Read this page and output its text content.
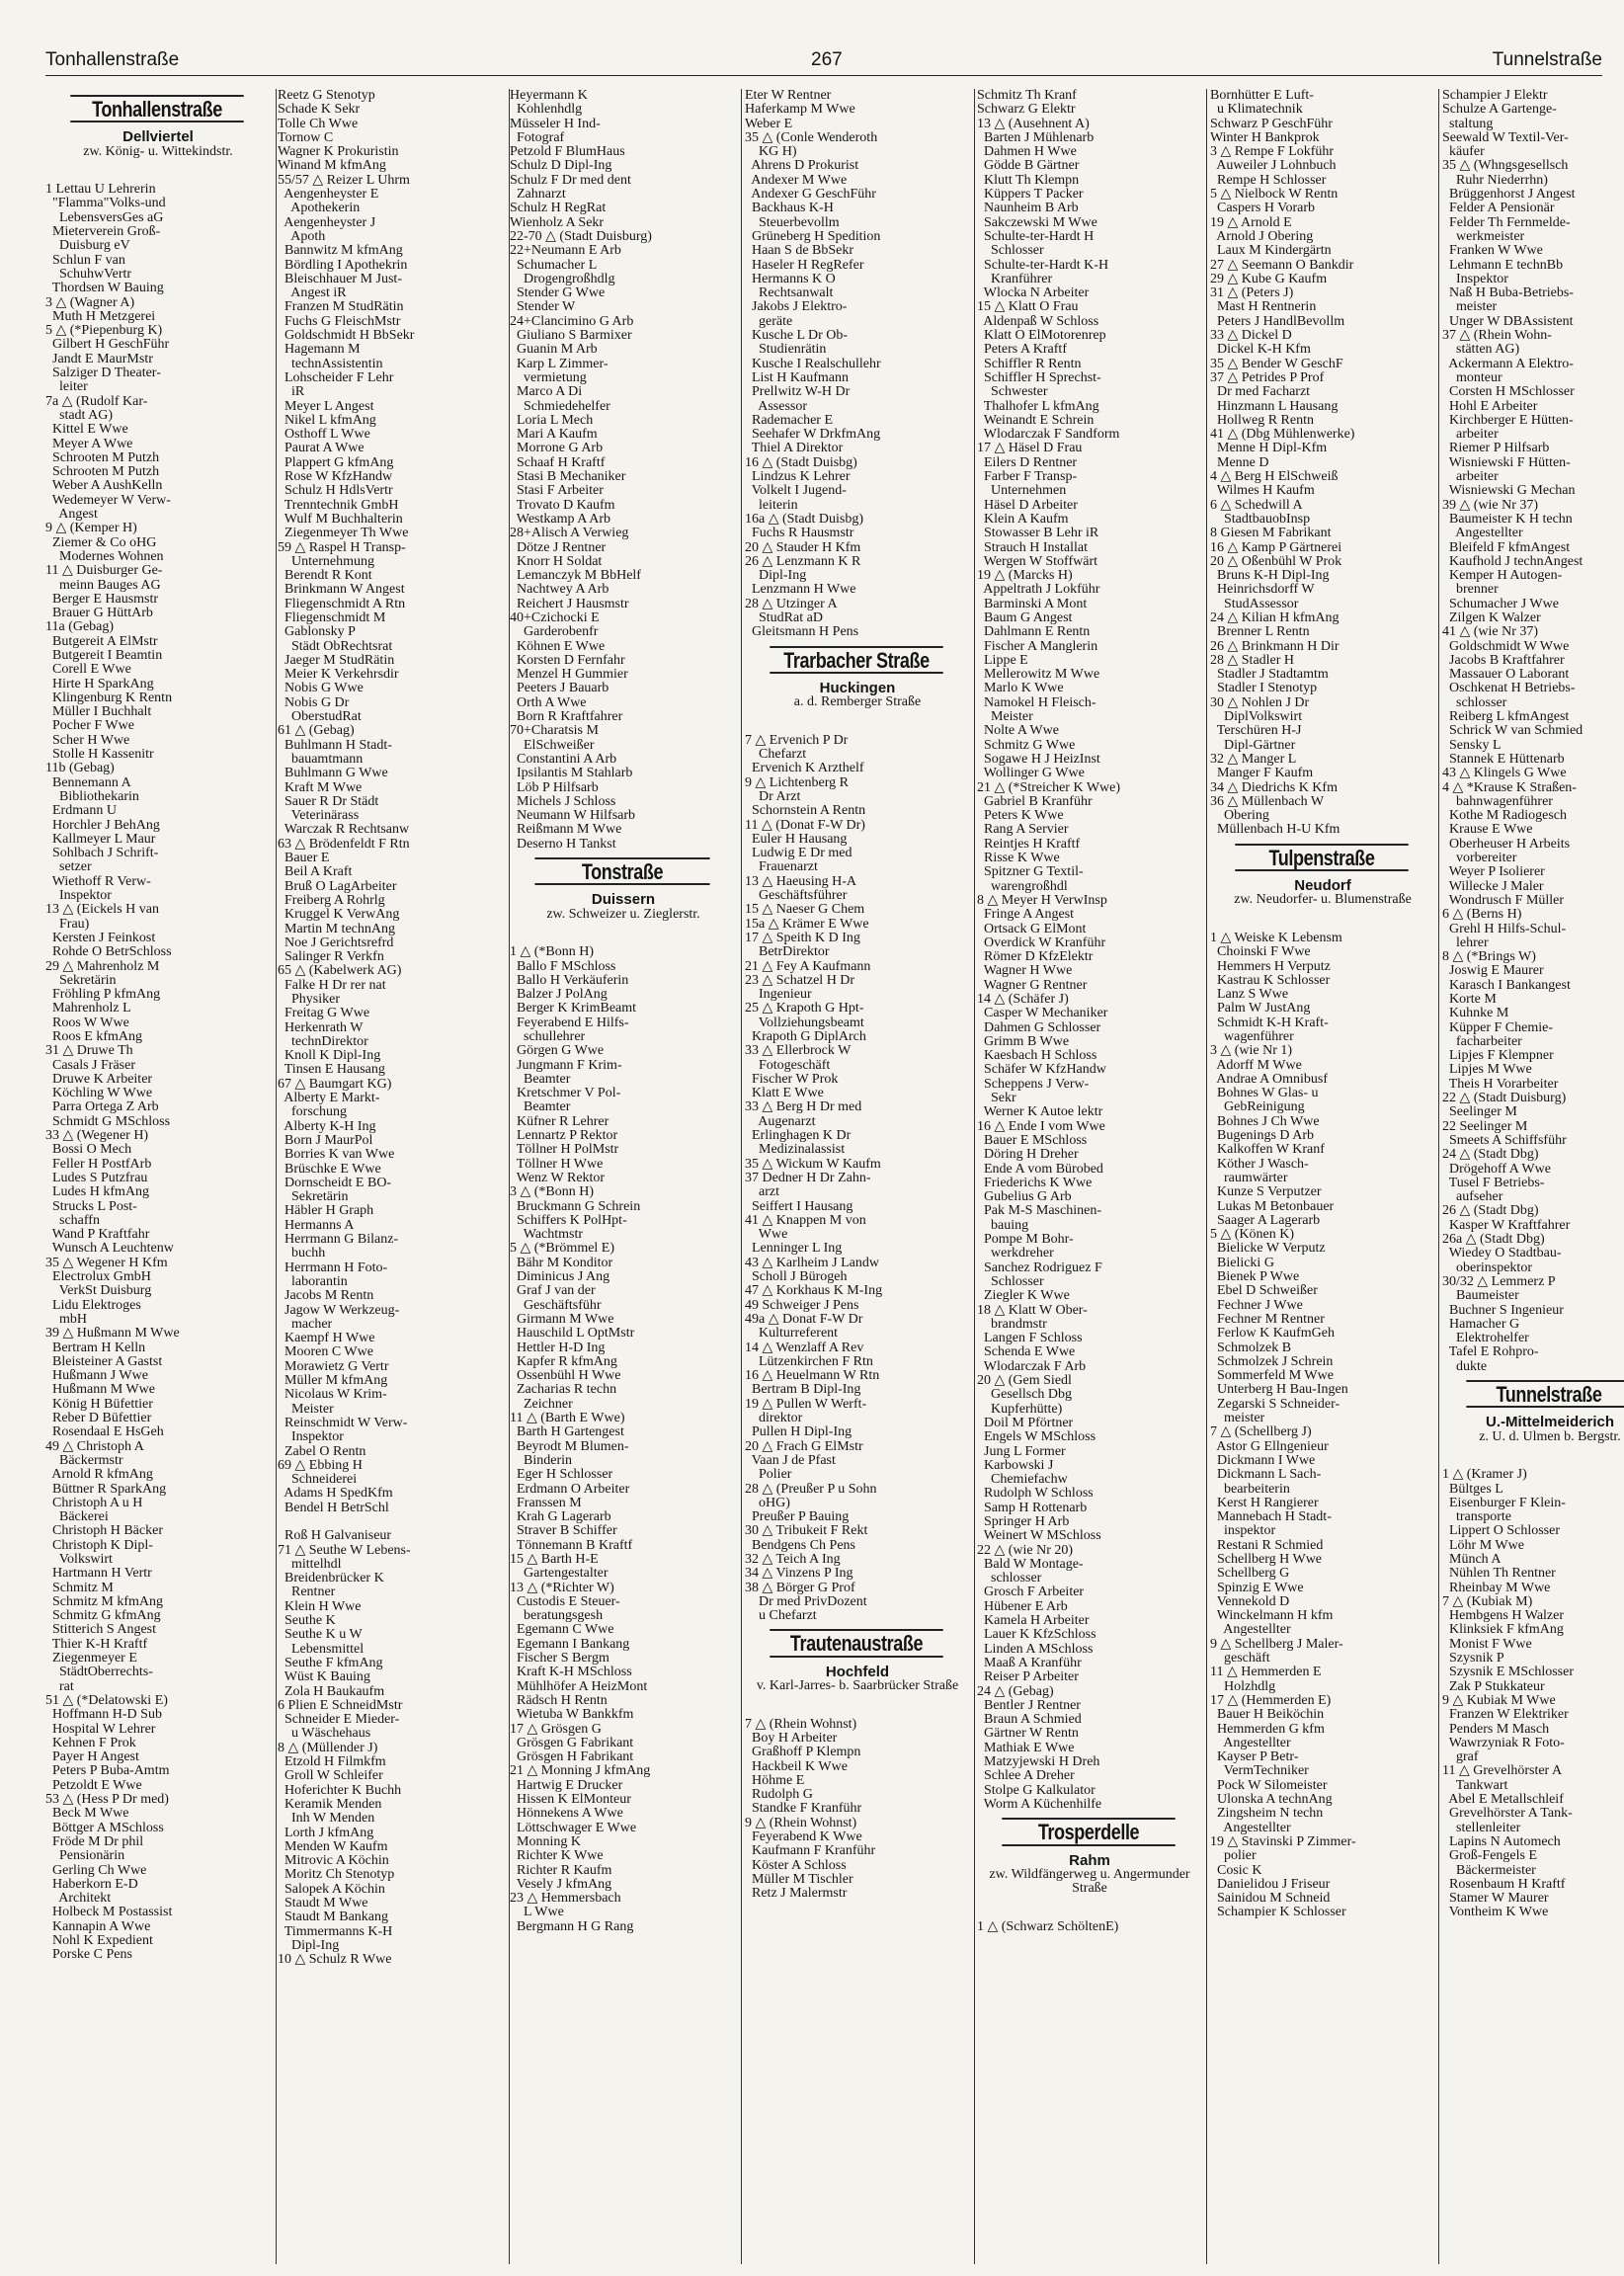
Tonhallenstraße	267	Tunnelstraße
Tonhallenstraße
Dellviertel
zw. König- u. Wittekindstr.

1 Lettau U Lehrerin
"Flamma"Volks-und
LebensversGes aG
Mieterverein Groß-
Duisburg eV
Schlun F van
SchuhwVertr
Thordsen W Bauing
3 △ (Wagner A)
Muth H Metzgerei
5 △ (*Piepenburg K)
Gilbert H GeschFühr
Jandt E MaurMstr
Salziger D Theater-
leiter
7a △ (Rudolf Kar-
stadt AG)
Kittel E Wwe
Meyer A Wwe
Schrooten M Putzh
Schrooten M Putzh
Weber A AushKelln
Wedemeyer W Verw-
Angest
9 △ (Kemper H)
Ziemer & Co oHG
Modernes Wohnen
11 △ Duisburger Ge-
meinn Bauges AG
Berger E Hausmstr
Brauer G HüttArb
11a (Gebag)
Butgereit A ElMstr
Butgereit I Beamtin
Corell E Wwe
Hirte H SparkAng
Klingenburg K Rentn
Müller I Buchhalt
Pocher F Wwe
Scher H Wwe
Stolle H Kassenitr
11b (Gebag)
Bennemann A
Bibliothekarin
Erdmann U
Horchler J BehAng
Kallmeyer L Maur
Sohlbach J Schrift-
setzer
Wiethoff R Verw-
Inspektor
13 △ (Eickels H van
Frau)
Kersten J Feinkost
Rohde O BetrSchloss
29 △ Mahrenholz M
Sekretärin
Fröhling P kfmAng
Mahrenholz L
Roos W Wwe
Roos E kfmAng
31 △ Druwe Th
Casals J Fräser
Druwe K Arbeiter
Köchling W Wwe
Parra Ortega Z Arb
Schmidt G MSchloss
33 △ (Wegener H)
Bossi O Mech
Feller H PostfArb
Ludes S Putzfrau
Ludes H kfmAng
Strucks L Post-
schaffn
Wand P Kraftfahr
Wunsch A Leuchtenw
35 △ Wegener H Kfm
Electrolux GmbH
VerkSt Duisburg
Lidu Elektroges
mbH
39 △ Hußmann M Wwe
Bertram H Kelln
Bleisteiner A Gastst
Hußmann J Wwe
Hußmann M Wwe
König H Büfettier
Reber D Büfettier
Rosendaal E HsGeh
49 △ Christoph A
Bäckermstr
Arnold R kfmAng
Büttner R SparkAng
Christoph A u H
Bäckerei
Christoph H Bäcker
Christoph K Dipl-
Volkswirt
Hartmann H Vertr
Schmitz M
Schmitz M kfmAng
Schmitz G kfmAng
Stitterich S Angest
Thier K-H Kraftf
Ziegenmeyer E
StädtOberrechts-
rat
51 △ (*Delatowski E)
Hoffmann H-D Sub
Hospital W Lehrer
Kehnen F Prok
Payer H Angest
Peters P Buba-Amtm
Petzoldt E Wwe
53 △ (Hess P Dr med)
Beck M Wwe
Böttger A MSchloss
Fröde M Dr phil
Pensionärin
Gerling Ch Wwe
Haberkorn E-D
Architekt
Holbeck M Postassist
Kannapin A Wwe
Nohl K Expedient
Porske C Pens
Reetz G Stenotyp
Schade K Sekr
Tolle Ch Wwe
Tornow C
Wagner K Prokuristin
Winand M kfmAng
55/57 △ Reizer L Uhrm
Aengenheyster E
Apothekerin
Aengenheyster J
Apoth
Bannwitz M kfmAng
Bördling I Apothekrin
Bleischhauer M Just-
Angest iR
Franzen M StudRätin
Fuchs G FleischMstr
Goldschmidt H BbSekr
Hagemann M
technAssistentin
Lohscheider F Lehr
iR
Meyer L Angest
Nikel L kfmAng
Osthoff L Wwe
Paurat A Wwe
Plappert G kfmAng
Rose W KfzHandw
Schulz H HdlsVertr
Trenntechnik GmbH
Wulf M Buchhalterin
Ziegenmeyer Th Wwe
59 △ Raspel H Transp-
Unternehmung
Berendt R Kont
Brinkmann W Angest
Fliegenschmidt A Rtn
Fliegenschmidt M
Gablonsky P
Städt ObRechtsrat
Jaeger M StudRätin
Meier K Verkehrsdir
Nobis G Wwe
Nobis G Dr
OberstudRat
61 △ (Gebag)
Buhlmann H Stadt-
bauamtmann
Buhlmann G Wwe
Kraft M Wwe
Sauer R Dr Städt
Veterinärass
Warczak R Rechtsanw
63 △ Brödenfeldt F Rtn
Bauer E
Beil A Kraft
Bruß O LagArbeiter
Freiberg A Rohrlg
Kruggel K VerwAng
Martin M technAng
Noe J Gerichtsrefrd
Salinger R Verkfn
65 △ (Kabelwerk AG)
Falke H Dr rer nat
Physiker
Freitag G Wwe
Herkenrath W
technDirektor
Knoll K Dipl-Ing
Tinsen E Hausang
67 △ Baumgart KG)
Alberty E Markt-
forschung
Alberty K-H Ing
Born J MaurPol
Borries K van Wwe
Brüschke E Wwe
Dornscheidt E BO-
Sekretärin
Häbler H Graph
Hermanns A
Herrmann G Bilanz-
buchh
Herrmann H Foto-
laborantin
Jacobs M Rentn
Jagow W Werkzeug-
macher
Kaempf H Wwe
Mooren C Wwe
Morawietz G Vertr
Müller M kfmAng
Nicolaus W Krim-
Meister
Reinschmidt W Verw-
Inspektor
Zabel O Rentn
69 △ Ebbing H
Schneiderei
Adams H SpedKfm
Bendel H BetrSchl

Roß H Galvaniseur
71 △ Seuthe W Lebens-
mittelhdl
Breidenbrücker K
Rentner
Klein H Wwe
Seuthe K
Seuthe K u W
Lebensmittel
Seuthe F kfmAng
Wüst K Bauing
Zola H Baukaufm
6 Plien E SchneidMstr
Schneider E Mieder-
u Wäschehaus
8 △ (Müllender J)
Etzold H Filmkfm
Groll W Schleifer
Hoferichter K Buchh
Keramik Menden
Inh W Menden
Lorth J kfmAng
Menden W Kaufm
Mitrovic A Köchin
Moritz Ch Stenotyp
Salopek A Köchin
Staudt M Wwe
Staudt M Bankang
Timmermanns K-H
Dipl-Ing
10 △ Schulz R Wwe
Heyermann K
Kohlenhdlg
Müsseler H Ind-
Fotograf
Petzold F BlumHaus
Schulz D Dipl-Ing
Schulz F Dr med dent
Zahnarzt
Schulz H RegRat
Wienholz A Sekr
22-70 △ (Stadt Duisburg)
22+Neumann E Arb
Schumacher L
Drogengroßhdlg
Stender G Wwe
Stender W
24+Clancimino G Arb
Giuliano S Barmixer
Guanin M Arb
Karp L Zimmer-
vermietung
Marco A Di
Schmiedehelfer
Loria L Mech
Mari A Kaufm
Morrone G Arb
Schaaf H Kraftf
Stasi B Mechaniker
Stasi F Arbeiter
Trovato D Kaufm
Westkamp A Arb
28+Alisch A Verwieg
Dötze J Rentner
Knorr H Soldat
Lemanczyk M BbHelf
Nachtwey A Arb
Reichert J Hausmstr
40+Czichocki E
Garderobenfr
Köhnen E Wwe
Korsten D Fernfahr
Menzel H Gummier
Peeters J Bauarb
Orth A Wwe
Born R Kraftfahrer
70+Charatsis M
ElSchweißer
Constantini A Arb
Ipsilantis M Stahlarb
Löb P Hilfsarb
Michels J Schloss
Neumann W Hilfsarb
Reißmann M Wwe
Deserno H Tankst
Tonstraße
Duissern
zw. Schweizer u. Zieglerstr.

1 △ (*Bonn H)
Ballo F MSchloss
Ballo H Verkäuferin
Balzer J PolAng
Berger K KrimBeamt
Feyerabend E Hilfs-
schullehrer
Görgen G Wwe
Jungmann F Krim-
Beamter
Kretschmer V Pol-
Beamter
Küfner R Lehrer
Lennartz P Rektor
Töllner H PolMstr
Töllner H Wwe
Wenz W Rektor
3 △ (*Bonn H)
Bruckmann G Schrein
Schiffers K PolHpt-
Wachtmstr
5 △ (*Brömmel E)
Bähr M Konditor
Diminicus J Ang
Graf J van der
Geschäftsführ
Girmann M Wwe
Hauschild L OptMstr
Hettler H-D Ing
Kapfer R kfmAng
Ossenbühl H Wwe
Zacharias R techn
Zeichner
11 △ (Barth E Wwe)
Barth H Gartengest
Beyrodt M Blumen-
Binderin
Eger H Schlosser
Erdmann O Arbeiter
Franssen M
Krah G Lagerarb
Straver B Schiffer
Tönnemann B Kraftf
15 △ Barth H-E
Gartengestalter
13 △ (*Richter W)
Custodis E Steuer-
beratungsgesh
Egemann C Wwe
Egemann I Bankang
Fischer S Bergm
Kraft K-H MSchloss
Mühlhöfer A HeizMont
Rädsch H Rentn
Wietuba W Bankkfm
17 △ Grösgen G
Grösgen G Fabrikant
Grösgen H Fabrikant
21 △ Monning J kfmAng
Hartwig E Drucker
Hissen K ElMonteur
Hönnekens A Wwe
Löttschwager E Wwe
Monning K
Richter K Wwe
Richter R Kaufm
Vesely J kfmAng
23 △ Hemmersbach
L Wwe
Bergmann H G Rang
Eter W Rentner
Haferkamp M Wwe
Weber E
35 △ (Conle Wenderoth
KG H)
Ahrens D Prokurist
Andexer M Wwe
Andexer G GeschFühr
Backhaus K-H
Steuerbevollm
Grüneberg H Spedition
Haan S de BbSekr
Haseler H RegRefer
Hermanns K O
Rechtsanwalt
Jakobs J Elektro-
geräte
Kusche L Dr Ob-
Studienrätin
Kusche I Realschullehr
List H Kaufmann
Prellwitz W-H Dr
Assessor
Rademacher E
Seehafer W DrkfmAng
Thiel A Direktor
16 △ (Stadt Duisbg)
Lindzus K Lehrer
Volkelt I Jugend-
leiterin
16a △ (Stadt Duisbg)
Fuchs R Hausmstr
20 △ Stauder H Kfm
26 △ Lenzmann K R
Dipl-Ing
Lenzmann H Wwe
28 △ Utzinger A
StudRat aD
Gleitsmann H Pens
Trarbacher Straße
Huckingen
a. d. Remberger Straße

7 △ Ervenich P Dr
Chefarzt
Ervenich K Arzthelf
9 △ Lichtenberg R
Dr Arzt
Schornstein A Rentn
11 △ (Donat F-W Dr)
Euler H Hausang
Ludwig E Dr med
Frauenarzt
13 △ Haeusing H-A
Geschäftsführer
15 △ Naeser G Chem
15a △ Krämer E Wwe
17 △ Speith K D Ing
BetrDirektor
21 △ Fey A Kaufmann
23 △ Schatzel H Dr
Ingenieur
25 △ Krapoth G Hpt-
Vollziehungsbeamt
Krapoth G DiplArch
33 △ Ellerbrock W
Fotogeschäft
Fischer W Prok
Klatt E Wwe
33 △ Berg H Dr med
Augenarzt
Erlinghagen K Dr
Medizinalassist
35 △ Wickum W Kaufm
37 Dedner H Dr Zahn-
arzt
Seiffert I Hausang
41 △ Knappen M von
Wwe
Lenninger L Ing
43 △ Karlheim J Landw
Scholl J Bürogeh
47 △ Korkhaus K M-Ing
49 Schweiger J Pens
49a △ Donat F-W Dr
Kulturreferent
14 △ Wenzlaff A Rev
Lützenkirchen F Rtn
16 △ Heuelmann W Rtn
Bertram B Dipl-Ing
19 △ Pullen W Werft-
direktor
Pullen H Dipl-Ing
20 △ Frach G ElMstr
Vaan J de Pfast
Polier
28 △ (Preußer P u Sohn
oHG)
Preußer P Bauing
30 △ Tribukeit F Rekt
Bendgens Ch Pens
32 △ Teich A Ing
34 △ Vinzens P Ing
38 △ Börger G Prof
Dr med PrivDozent
u Chefarzt
Trautenaustraße
Hochfeld
v. Karl-Jarres- b. Saarbrücker Straße

7 △ (Rhein Wohnst)
Boy H Arbeiter
Graßhoff P Klempn
Hackbeil K Wwe
Höhme E
Rudolph G
Standke F Kranführ
9 △ (Rhein Wohnst)
Feyerabend K Wwe
Kaufmann F Kranführ
Köster A Schloss
Müller M Tischler
Retz J Malermstr
Schmitz Th Kranf
Schwarz G Elektr
13 △ (Ausehnent A)
Barten J Mühlenarb
Dahmen H Wwe
Gödde B Gärtner
Klutt Th Klempn
Küppers T Packer
Naunheim B Arb
Sakczewski M Wwe
Schulte-ter-Hardt H
Schlosser
Schulte-ter-Hardt K-H
Kranführer
Wlocka N Arbeiter
15 △ Klatt O Frau
Aldenpaß W Schloss
Klatt O ElMotorenrep
Peters A Kraftf
Schiffler R Rentn
Schiffler H Sprechst-
Schwester
Thalhofer L kfmAng
Weinandt E Schrein
Wlodarczak F Sandform
17 △ Häsel D Frau
Eilers D Rentner
Farber F Transp-
Unternehmen
Häsel D Arbeiter
Klein A Kaufm
Stowasser B Lehr iR
Strauch H Installat
Wergen W Stoffwärt
19 △ (Marcks H)
Appeltrath J Lokführ
Barminski A Mont
Baum G Angest
Dahlmann E Rentn
Fischer A Manglerin
Lippe E
Mellerowitz M Wwe
Marlo K Wwe
Namokel H Fleisch-
Meister
Nolte A Wwe
Schmitz G Wwe
Sogawe H J HeizInst
Wollinger G Wwe
21 △ (*Streicher K Wwe)
Gabriel B Kranführ
Peters K Wwe
Rang A Servier
Reintjes H Kraftf
Risse K Wwe
Spitzner G Textil-
warengroßhdl
8 △ Meyer H VerwInsp
Fringe A Angest
Ortsack G ElMont
Overdick W Kranführ
Römer D KfzElektr
Wagner H Wwe
Wagner G Rentner
14 △ (Schäfer J)
Casper W Mechaniker
Dahmen G Schlosser
Grimm B Wwe
Kaesbach H Schloss
Schäfer W KfzHandw
Scheppens J Verw-
Sekr
Werner K Autoe lektr
16 △ Ende I vom Wwe
Bauer E MSchloss
Döring H Dreher
Ende A vom Bürobed
Friederichs K Wwe
Gubelius G Arb
Pak M-S Maschinen-
bauing
Pompe M Bohr-
werkdreher
Sanchez Rodriguez F
Schlosser
Ziegler K Wwe
18 △ Klatt W Ober-
brandmstr
Langen F Schloss
Schenda E Wwe
Wlodarczak F Arb
20 △ (Gem Siedl
Gesellsch Dbg
Kupferhütte)
Doil M Pförtner
Engels W MSchloss
Jung L Former
Karbowski J
Chemiefachw
Rudolph W Schloss
Samp H Rottenarb
Springer H Arb
Weinert W MSchloss
22 △ (wie Nr 20)
Bald W Montage-
schlosser
Grosch F Arbeiter
Hübener E Arb
Kamela H Arbeiter
Lauer K KfzSchloss
Linden A MSchloss
Maaß A Kranführ
Reiser P Arbeiter
24 △ (Gebag)
Bentler J Rentner
Braun A Schmied
Gärtner W Rentn
Mathiak E Wwe
Matzyjewski H Dreh
Schlee A Dreher
Stolpe G Kalkulator
Worm A Küchenhilfe
Trosperdelle
Rahm
zw. Wildfängerweg u. Angermunder Straße

1 △ (Schwarz SchöltenE)
Bornhütter E Luft-
u Klimatechnik
Schwarz P GeschFühr
Winter H Bankprok
3 △ Rempe F Lokführ
Auweiler J Lohnbuch
Rempe H Schlosser
5 △ Nielbock W Rentn
Caspers H Vorarb
19 △ Arnold E
Arnold J Obering
Laux M Kindergärtn
27 △ Seemann O Bankdir
29 △ Kube G Kaufm
31 △ (Peters J)
Mast H Rentnerin
Peters J HandlBevollm
33 △ Dickel D
Dickel K-H Kfm
35 △ Bender W GeschF
37 △ Petrides P Prof
Dr med Facharzt
Hinzmann L Hausang
Hollweg R Rentn
41 △ (Dbg Mühlenwerke)
Menne H Dipl-Kfm
Menne D
4 △ Berg H ElSchweiß
Wilmes H Kaufm
6 △ Schedwill A
StadtbauobInsp
8 Giesen M Fabrikant
16 △ Kamp P Gärtnerei
20 △ Oßenbühl W Prok
Bruns K-H Dipl-Ing
Heinrichsdorff W
StudAssessor
24 △ Kilian H kfmAng
Brenner L Rentn
26 △ Brinkmann H Dir
28 △ Stadler H
Stadler J Stadtamtm
Stadler I Stenotyp
30 △ Nohlen J Dr
DiplVolkswirt
Terschüren H-J
Dipl-Gärtner
32 △ Manger L
Manger F Kaufm
34 △ Diedrichs K Kfm
36 △ Müllenbach W
Obering
Müllenbach H-U Kfm
Tulpenstraße
Neudorf
zw. Neudorfer- u. Blumenstraße

1 △ Weiske K Lebensm
Choinski F Wwe
Hemmers H Verputz
Kastrau K Schlosser
Lanz S Wwe
Palm W JustAng
Schmidt K-H Kraft-
wagenführer
3 △ (wie Nr 1)
Adorff M Wwe
Andrae A Omnibusf
Bohnes W Glas- u
GebReinigung
Bohnes J Ch Wwe
Bugenings D Arb
Kalkoffen W Kranf
Köther J Wasch-
raumwärter
Kunze S Verputzer
Lukas M Betonbauer
Saager A Lagerarb
5 △ (Könen K)
Bielicke W Verputz
Bielicki G
Bienek P Wwe
Ebel D Schweißer
Fechner J Wwe
Fechner M Rentner
Ferlow K KaufmGeh
Schmolzek B
Schmolzek J Schrein
Sommerfeld M Wwe
Unterberg H Bau-Ingen
Zegarski S Schneider-
meister
7 △ (Schellberg J)
Astor G Ellngenieur
Dickmann I Wwe
Dickmann L Sach-
bearbeiterin
Kerst H Rangierer
Mannebach H Stadt-
inspektor
Restani R Schmied
Schellberg H Wwe
Schellberg G
Spinzig E Wwe
Vennekold D
Winckelmann H kfm
Angestellter
9 △ Schellberg J Maler-
geschäft
11 △ Hemmerden E
Holzhdlg
17 △ (Hemmerden E)
Bauer H Beiköchin
Hemmerden G kfm
Angestellter
Kayser P Betr-
VermTechniker
Pock W Silomeister
Ulonska A technAng
Zingsheim N techn
Angestellter
19 △ Stavinski P Zimmer-
polier
Cosic K
Danielidou J Friseur
Sainidou M Schneid
Schampier K Schlosser
Schampier J Elektr
Schulze A Gartenge-
staltung
Seewald W Textil-Ver-
käufer
35 △ (Whngsgesellsch
Ruhr Niederrhn)
Brüggenhorst J Angest
Felder A Pensionär
Felder Th Fernmelde-
werkmeister
Franken W Wwe
Lehmann E technBb
Inspektor
Naß H Buba-Betriebs-
meister
Unger W DBAssistent
37 △ (Rhein Wohn-
stätten AG)
Ackermann A Elektro-
monteur
Corsten H MSchlosser
Hohl E Arbeiter
Kirchberger E Hütten-
arbeiter
Riemer P Hilfsarb
Wisniewski F Hütten-
arbeiter
Wisniewski G Mechan
39 △ (wie Nr 37)
Baumeister K H techn
Angestellter
Bleifeld F kfmAngest
Kaufhold J technAngest
Kemper H Autogen-
brenner
Schumacher J Wwe
Zilgen K Walzer
41 △ (wie Nr 37)
Goldschmidt W Wwe
Jacobs B Kraftfahrer
Massauer O Laborant
Oschkenat H Betriebs-
schlosser
Reiberg L kfmAngest
Schrick W van Schmied
Sensky L
Stannek E Hüttenarb
43 △ Klingels G Wwe
4 △ *Krause K Straßen-
bahnwagenführer
Kothe M Radiogesch
Krause E Wwe
Oberheuser H Arbeits
vorbereiter
Weyer P Isolierer
Willecke J Maler
Wondrusch F Müller
6 △ (Berns H)
Grehl H Hilfs-Schul-
lehrer
8 △ (*Brings W)
Joswig E Maurer
Karasch I Bankangest
Korte M
Kuhnke M
Küpper F Chemie-
facharbeiter
Lipjes F Klempner
Lipjes M Wwe
Theis H Vorarbeiter
22 △ (Stadt Duisburg)
Seelinger M
22 Seelinger M
Smeets A Schiffsführ
24 △ (Stadt Dbg)
Drögehoff A Wwe
Tusel F Betriebs-
aufseher
26 △ (Stadt Dbg)
Kasper W Kraftfahrer
26a △ (Stadt Dbg)
Wiedey O Stadtbau-
oberinspektor
30/32 △ Lemmerz P
Baumeister
Buchner S Ingenieur
Hamacher G
Elektrohelfer
Tafel E Rohpro-
dukte
Tunnelstraße
U.-Mittelmeiderich
z. U. d. Ulmen b. Bergstr.

1 △ (Kramer J)
Bültges L
Eisenburger F Klein-
transporte
Lippert O Schlosser
Löhr M Wwe
Münch A
Nühlen Th Rentner
Rheinbay M Wwe
7 △ (Kubiak M)
Hembgens H Walzer
Klinksiek F kfmAng
Monist F Wwe
Szysnik P
Szysnik E MSchlosser
Zak P Stukkateur
9 △ Kubiak M Wwe
Franzen W Elektriker
Penders M Masch
Wawrzyniak R Foto-
graf
11 △ Grevelhörster A
Tankwart
Abel E Metallschleif
Grevelhörster A Tank-
stellenleiter
Lapins N Automech
Groß-Fengels E
Bäckermeister
Rosenbaum H Kraftf
Stamer W Maurer
Vontheim K Wwe
